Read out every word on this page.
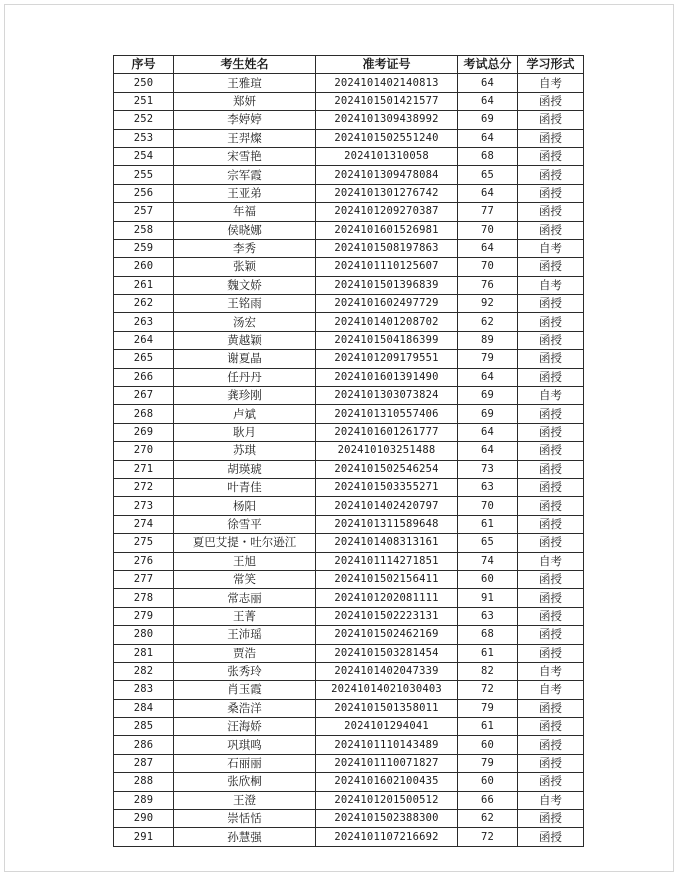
序号	考生姓名	准考证号	考试总分	学习形式
250	王雅瑄	2024101402140813	64	自考
251	郑妍	2024101501421577	64	函授
252	李婷婷	2024101309438992	69	函授
253	王羿燦	2024101502551240	64	函授
254	宋雪艳	2024101310058	68	函授
255	宗军霞	2024101309478084	65	函授
256	王亚弟	2024101301276742	64	函授
257	年福	2024101209270387	77	函授
258	侯晓娜	2024101601526981	70	函授
259	李秀	2024101508197863	64	自考
260	张颖	2024101110125607	70	函授
261	魏文娇	2024101501396839	76	自考
262	王铭雨	2024101602497729	92	函授
263	汤宏	2024101401208702	62	函授
264	黄越颖	2024101504186399	89	函授
265	谢夏晶	2024101209179551	79	函授
266	任丹丹	2024101601391490	64	函授
267	龚珍刚	2024101303073824	69	自考
268	卢斌	2024101310557406	69	函授
269	耿月	2024101601261777	64	函授
270	苏琪	202410103251488	64	函授
271	胡瑛琥	2024101502546254	73	函授
272	叶青佳	2024101503355271	63	函授
273	杨阳	2024101402420797	70	函授
274	徐雪平	2024101311589648	61	函授
275	夏巴艾提・吐尔逊江	2024101408313161	65	函授
276	王旭	2024101114271851	74	自考
277	常笑	2024101502156411	60	函授
278	常志丽	2024101202081111	91	函授
279	王菁	2024101502223131	63	函授
280	王沛瑶	2024101502462169	68	函授
281	贾浩	2024101503281454	61	函授
282	张秀玲	2024101402047339	82	自考
283	肖玉霞	20241014021030403	72	自考
284	桑浩洋	2024101501358011	79	函授
285	汪海娇	2024101294041	61	函授
286	巩琪鸣	2024101110143489	60	函授
287	石丽丽	2024101110071827	79	函授
288	张欣桐	2024101602100435	60	函授
289	王澄	2024101201500512	66	自考
290	崇恬恬	2024101502388300	62	函授
291	孙慧强	2024101107216692	72	函授
